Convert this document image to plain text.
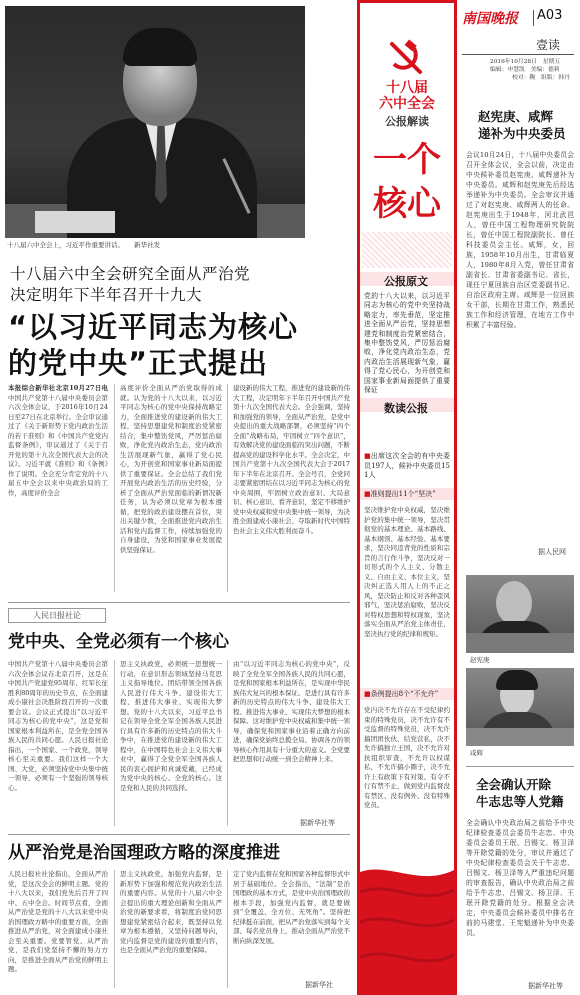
十八届六中全会上，习近平作重要讲话。 新华社发
十八届六中全会研究全面从严治党
决定明年下半年召开十九大
“以习近平同志为核心
的党中央”正式提出
本报综合新华社北京10月27日电 中国共产党第十八届中央委员会第六次全体会议，于2016年10月24日至27日在北京举行。全会审议通过了《关于新形势下党内政治生活的若干准则》和《中国共产党党内监督条例》，审议通过了《关于召开党的第十九次全国代表大会的决议》。习近平就《准则》和《条例》作了说明。全会充分肯定党的十八届五中全会以来中央政治局的工作，高度评价全会
高度评价全面从严治党取得的成就。认为党的十八大以来，以习近平同志为核心的党中央保持战略定力，全面推进党的建设新的伟大工程，坚持思想建党和制度治党紧密结合，集中整饬党风，严厉惩治腐败，净化党内政治生态，党内政治生活展现新气象，赢得了党心民心，为开创党和国家事业新局面提供了重要保证。全会总结了我们党开展党内政治生活的历史经验，分析了全面从严治党面临的新情况新任务，认为必须以党章为根本遵循，把党的政治建设摆在首位，突出关键少数，全面推进党内政治生活和党内监督工作，持续加强党的自身建设，为党和国家事业发展提供坚强保证。
建设新的伟大工程，推进党的建设新的伟大工程，决定明年下半年召开中国共产党第十九次全国代表大会。全会强调，坚持和加强党的领导，全面从严治党，是党中央提出的重大战略部署，必须坚持“四个全面”战略布局，牢固树立“四个意识”，有效解决党的建设面临的突出问题，不断提高党的建设科学化水平。全会决定，中国共产党第十九次全国代表大会于2017年下半年在北京召开。全会号召，全党同志要紧密团结在以习近平同志为核心的党中央周围，牢固树立政治意识、大局意识、核心意识、看齐意识，坚定不移维护党中央权威和党中央集中统一领导，为决胜全面建成小康社会、夺取新时代中国特色社会主义伟大胜利而奋斗。
人民日报社论
党中央、全党必须有一个核心
中国共产党第十八届中央委员会第六次全体会议在北京召开，这是在中国共产党建党95周年、红军长征胜利80周年的历史节点，在全面建成小康社会决胜阶段召开的一次重要会议。会议正式提出“以习近平同志为核心的党中央”，这是党和国家根本利益所在，是全党全国各族人民的共同心愿。人民日报社论指出，一个国家、一个政党，领导核心至关重要。我们这样一个大国、大党，必须坚持党中央集中统一领导，必须有一个坚强的领导核心。
思主义执政党，必须统一思想统一行动，在意识形态领域坚持马克思主义指导地位。团结带领全国各族人民进行伟大斗争、建设伟大工程、推进伟大事业、实现伟大梦想。党的十八大以来，习近平总书记在领导全党全军全国各族人民进行具有许多新的历史特点的伟大斗争中，在推进党的建设新的伟大工程中，在中国特色社会主义伟大事业中，赢得了全党全军全国各族人民的衷心拥护和真诚爱戴，已经成为党中央的核心、全党的核心。这是党和人民的共同选择。
由“以习近平同志为核心的党中央”，反映了全党全军全国各族人民的共同心愿，是党和国家根本利益所在，是实现中华民族伟大复兴的根本保证。是进行具有许多新的历史特点的伟大斗争、建设伟大工程、推进伟大事业、实现伟大梦想的根本保障。这对维护党中央权威和集中统一领导，确保党和国家事业沿着正确方向前进，确保党始终总揽全局、协调各方的领导核心作用具有十分重大的意义。全党要把思想和行动统一到全会精神上来。
据新华社等
从严治党是治国理政方略的深度推进
人民日报社社论指出，全面从严治党，是这次全会的鲜明主题。党的十八大以来，我们党先后召开了四中、五中全会。时间节点看，全面从严治党是党的十八大以来党中央治国理政方略中的重要方面，全面推进从严治党，对全面建成小康社会至关重要。党要管党、从严治党，是我们党坚持不懈的努力方向，是推进全面从严治党的鲜明主题。
思主义执政党，加强党内监督，是新形势下加强和规范党内政治生活的重要内容。从党的十八届六中全会提出的重大理论创新和全面从严治党的新要求看，将制度治党同思想建党紧密结合起来，既坚持以党章为根本遵循，又坚持问题导向，党内监督是党的建设的重要内容，也是全面从严治党的重要保障。
定了党内监督在党和国家各种监督形式中居于基础地位。全会指出，“法制”是治国理政的基本方式，是党中央治国理政的根本手段，加强党内监督，就是要做到“全覆盖、全方位、无死角”。坚持把纪律挺在前面，把从严治党落实到每个支部、每名党员身上，推动全面从严治党不断向纵深发展。
据新华社
十八届
六中全会
公报解读
一个
核心
公报原文
党的十八大以来，以习近平同志为核心的党中央坚持战略定力，率先垂范，坚定推进全面从严治党，坚持思想建党和制度治党紧密结合，集中整饬党风，严厉惩治腐败，净化党内政治生态，党内政治生活展现新气象，赢得了党心民心，为开创党和国家事业新局面提供了重要保证
数读公报
■出席这次全会的有中央委员197人，候补中央委员151人
■准则提出11个“坚决”
坚决维护党中央权威，坚决维护党的集中统一领导，坚决贯彻党的基本理论、基本路线、基本纲领、基本经验、基本要求，坚决同违背党的性质和宗旨的言行作斗争，坚决反对一切形式的个人主义、分散主义、自由主义、本位主义，坚决纠正选人用人上的不正之风，坚决防止和反对各种歪风邪气，坚决惩治腐败，坚决反对特权思想和特权现象，坚决落实全面从严治党主体责任，坚决执行党的纪律和规矩。
■条例提出8个“不允许”
党内决不允许存在不受纪律约束的特殊党员，决不允许有不受监督的特殊党员，决不允许搞团团伙伙、结党营私，决不允许搞独立王国，决不允许对抗组织审查，不允许以权谋私，不允许搞小圈子，决不允许上有政策下有对策、有令不行有禁不止，做到党内监督没有禁区、没有例外、没有特殊党员。
南国晚报 A03
壹读
2016年10月28日　星期五
编辑：申慧凯　美编：德莉
校对：鞠　组版：韩丹
赵宪庚、咸辉
递补为中央委员
会议10月24日，十八届中央委员会召开全体会议，全会以前，决定由中央候补委员赵宪庚、咸辉递补为中央委员。咸辉和赵宪庚先后经选举递补为中央委员。全会审议并通过了对赵宪庚、咸辉两人的任命。赵宪庚出生于1948年，河北武邑人，曾任中国工程物理研究院院长，曾任中国工程院副院长、曾任科技委员会主任。咸辉，女，回族，1958年10月出生，甘肃临夏人，1980年8月入党，曾任甘肃省副省长、甘肃省委副书记、省长，现任宁夏回族自治区党委副书记、自治区政府主席。咸辉是一位回族女干部，长期在甘肃工作，熟悉民族工作和经济管理，在地方工作中积累了丰富经验。
据人民网
赵宪庚
咸辉
全会确认开除
牛志忠等人党籍
全会确认中央政治局之前给予中央纪律检查委员会委员牛志忠、中央委员会委员王珉、吕锡文、杨卫泽等开除党籍的处分，审议并通过了中央纪律检查委员会关于牛志忠、吕锡文、杨卫泽等人严重违纪问题的审查报告，确认中央政治局之前给予牛志忠、吕锡文、杨卫泽、王珉开除党籍的处分。根据全会决定，中央委员会候补委员中排名在前的马建堂、王宪魁递补为中央委员。
据新华社等
